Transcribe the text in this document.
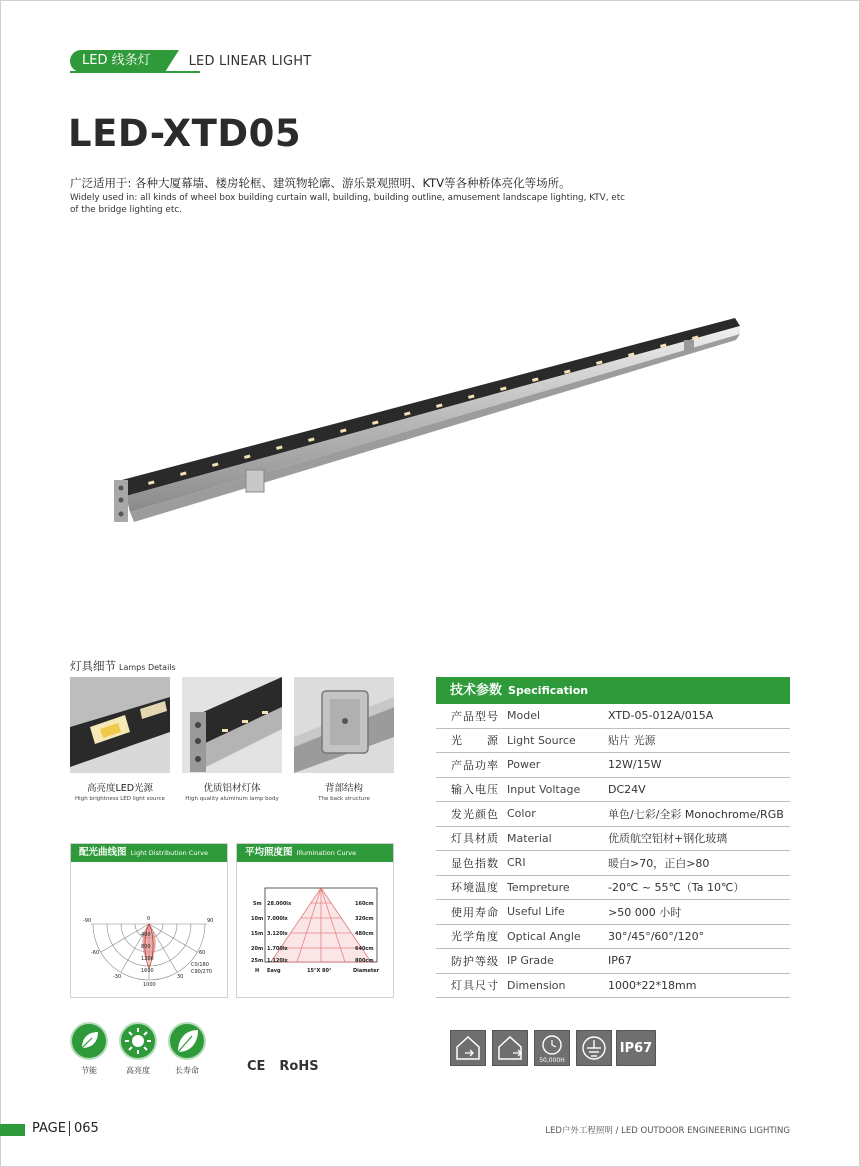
LED 线条灯	LED LINEAR LIGHT
LED-XTD05
广泛适用于: 各种大厦幕墙、楼房轮框、建筑物轮廓、游乐景观照明、KTV等各种桥体亮化等场所。
Widely used in: all kinds of wheel box building curtain wall, building, building outline, amusement landscape lighting, KTV, etc of the bridge lighting etc.
灯具细节 Lamps Details
高亮度LED光源
High brightness LED light source
优质铝材灯体
High quality aluminum lamp body
背部结构
The back structure
配光曲线图 Light Distribution Curve
-90	90
-60	60
-30	30
0
400
800
1200
1600
1000
C0/180
C90/270
平均照度图 Illumination Curve
5m 28.000lx	160cm
10m 7.000lx	320cm
15m 3.120lx	480cm
20m 1.700lx	640cm
25m 1.120lx	800cm
H Eavg	15°X 80°	Diameter
技术参数 Specification
产品型号 Model	XTD-05-012A/015A
光　　源 Light Source	贴片 光源
产品功率 Power	12W/15W
输入电压 Input Voltage	DC24V
发光颜色 Color	单色/七彩/全彩 Monochrome/RGB
灯具材质 Material	优质航空铝材+钢化玻璃
显色指数 CRI	暖白>70，正白>80
环境温度 Tempreture	-20℃ ~ 55℃（Ta 10℃）
使用寿命 Useful Life	>50 000 小时
光学角度 Optical Angle	30°/45°/60°/120°
防护等级 IP Grade	IP67
灯具尺寸 Dimension	1000*22*18mm
节能	高亮度	长寿命	CE RoHS	50,000H
IP67
PAGE 065	LED户外工程照明 / LED OUTDOOR ENGINEERING LIGHTING
